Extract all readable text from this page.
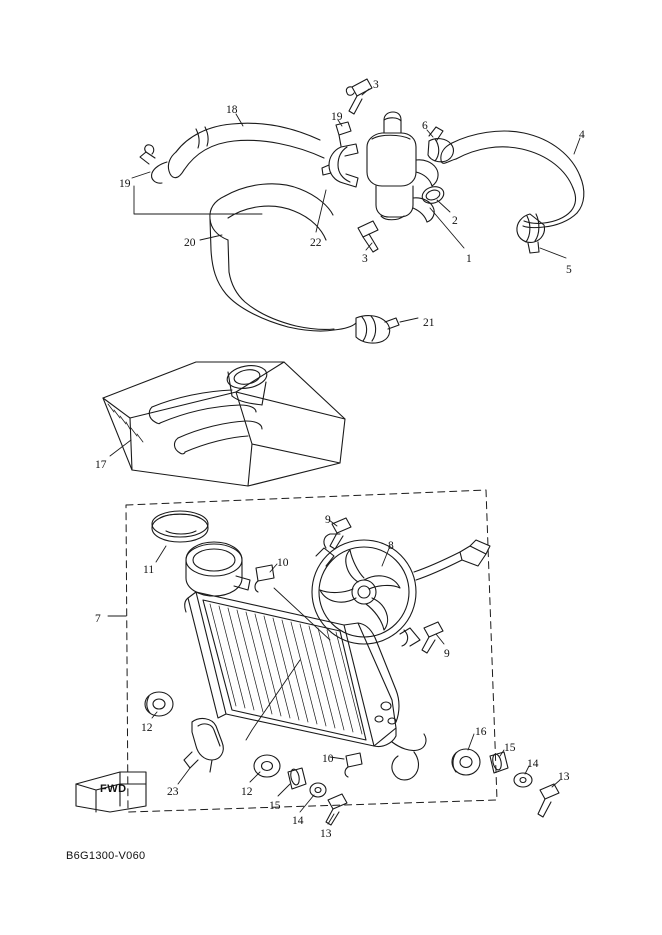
18
19
3
6
4
19
2
5
20	22
3	1
21
17
9
8
10
11
7
9
12	16
15
10	14
13
12
23
15
14
13
FWD
B6G1300-V060
